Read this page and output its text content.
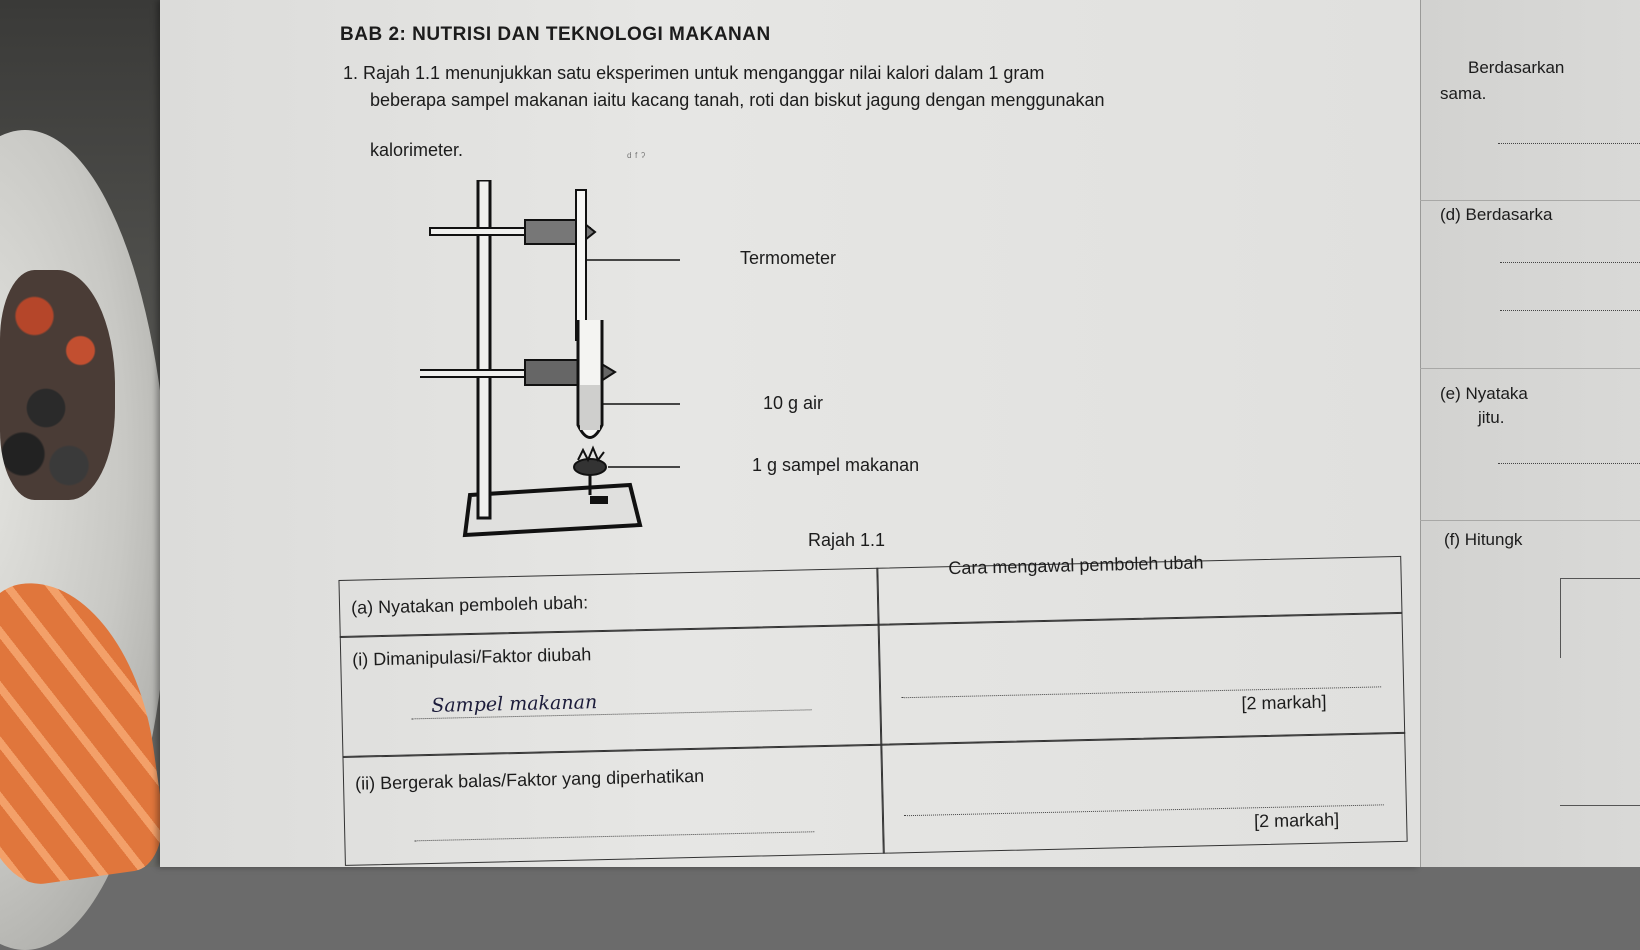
BAB 2: NUTRISI DAN TEKNOLOGI MAKANAN
1. Rajah 1.1 menunjukkan satu eksperimen untuk menganggar nilai kalori dalam 1 gram
beberapa sampel makanan iaitu kacang tanah, roti dan biskut jagung dengan menggunakan
kalorimeter.
Termometer
10 g air
1 g sampel makanan
Rajah 1.1
ᵈ ᶠ ˀ
(a) Nyatakan pemboleh ubah:
Cara mengawal pemboleh ubah
(i) Dimanipulasi/Faktor diubah
Sampel makanan	[2 markah]
(ii) Bergerak balas/Faktor yang diperhatikan
[2 markah]
Berdasarkan
sama.
(d) Berdasarka
(e) Nyataka
jitu.
(f) Hitungk
